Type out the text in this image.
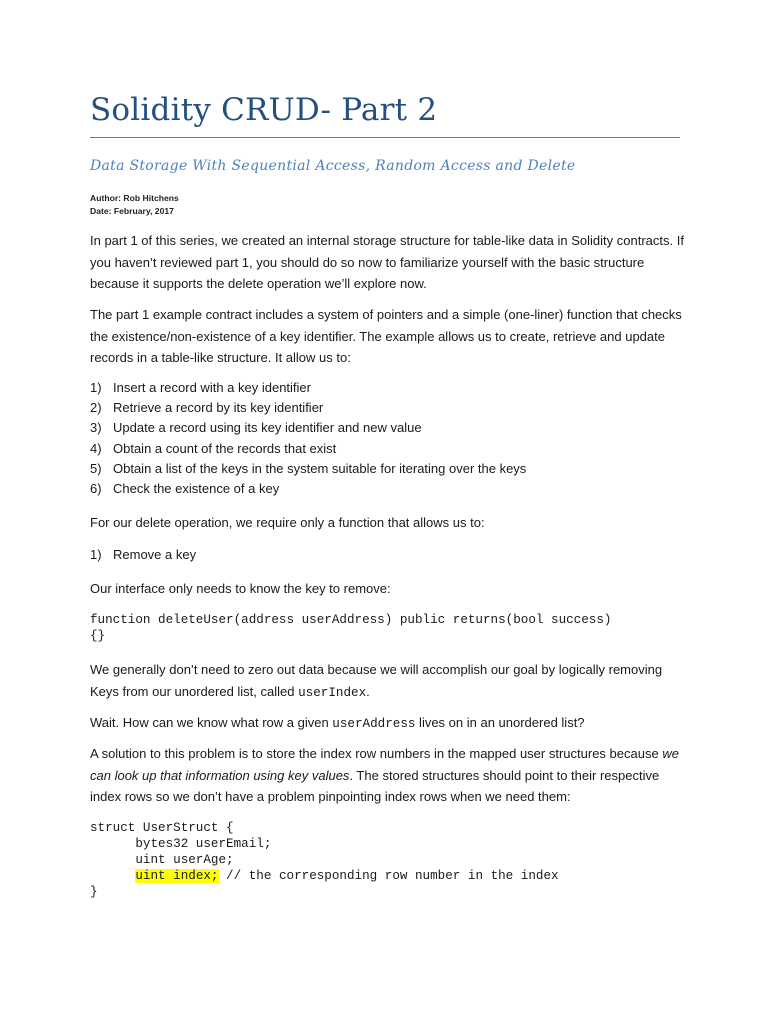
Solidity CRUD- Part 2
Data Storage With Sequential Access, Random Access and Delete
Author: Rob Hitchens
Date: February, 2017
In part 1 of this series, we created an internal storage structure for table-like data in Solidity contracts. If
you haven’t reviewed part 1, you should do so now to familiarize yourself with the basic structure
because it supports the delete operation we’ll explore now.
The part 1 example contract includes a system of pointers and a simple (one-liner) function that checks
the existence/non-existence of a key identifier. The example allows us to create, retrieve and update
records in a table-like structure. It allow us to:
1) Insert a record with a key identifier
2) Retrieve a record by its key identifier
3) Update a record using its key identifier and new value
4) Obtain a count of the records that exist
5) Obtain a list of the keys in the system suitable for iterating over the keys
6) Check the existence of a key
For our delete operation, we require only a function that allows us to:
1) Remove a key
Our interface only needs to know the key to remove:
function deleteUser(address userAddress) public returns(bool success)
{}
We generally don’t need to zero out data because we will accomplish our goal by logically removing
Keys from our unordered list, called userIndex.
Wait. How can we know what row a given userAddress lives on in an unordered list?
A solution to this problem is to store the index row numbers in the mapped user structures because we
can look up that information using key values. The stored structures should point to their respective
index rows so we don’t have a problem pinpointing index rows when we need them:
struct UserStruct {
bytes32 userEmail;
uint userAge;
uint index; // the corresponding row number in the index
}
